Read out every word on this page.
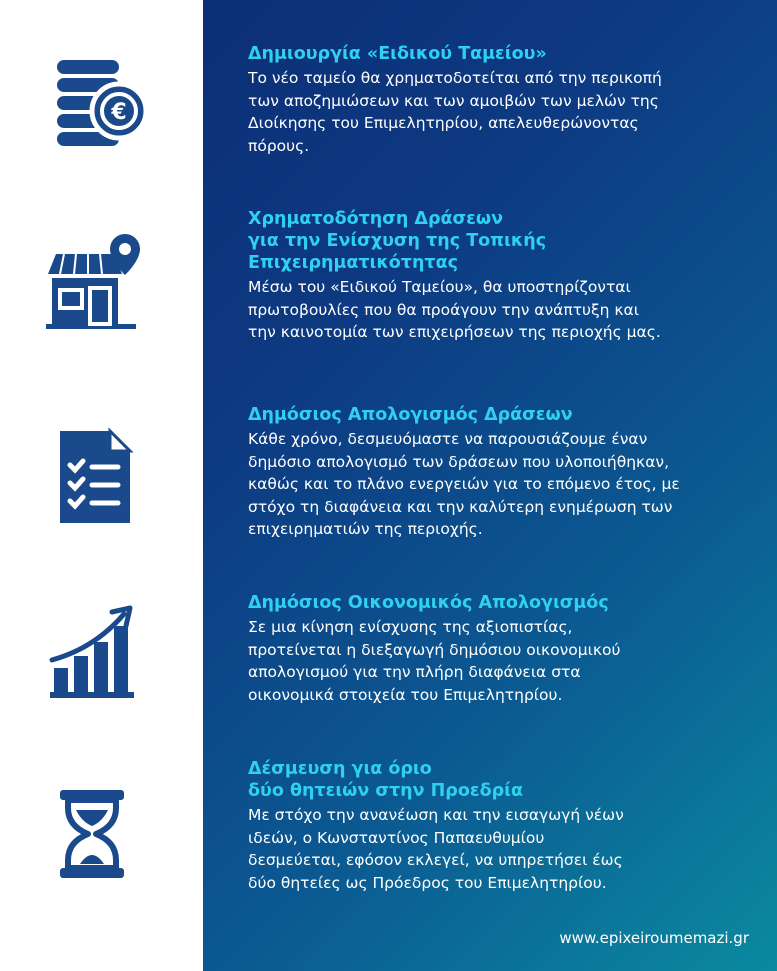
€
Δημιουργία «Ειδικού Ταμείου»
Το νέο ταμείο θα χρηματοδοτείται από την περικοπή
των αποζημιώσεων και των αμοιβών των μελών της
Διοίκησης του Επιμελητηρίου, απελευθερώνοντας
πόρους.
Χρηματοδότηση Δράσεων
για την Ενίσχυση της Τοπικής
Επιχειρηματικότητας
Μέσω του «Ειδικού Ταμείου», θα υποστηρίζονται
πρωτοβουλίες που θα προάγουν την ανάπτυξη και
την καινοτομία των επιχειρήσεων της περιοχής μας.
Δημόσιος Απολογισμός Δράσεων
Κάθε χρόνο, δεσμευόμαστε να παρουσιάζουμε έναν
δημόσιο απολογισμό των δράσεων που υλοποιήθηκαν,
καθώς και το πλάνο ενεργειών για το επόμενο έτος, με
στόχο τη διαφάνεια και την καλύτερη ενημέρωση των
επιχειρηματιών της περιοχής.
Δημόσιος Οικονομικός Απολογισμός
Σε μια κίνηση ενίσχυσης της αξιοπιστίας,
προτείνεται η διεξαγωγή δημόσιου οικονομικού
απολογισμού για την πλήρη διαφάνεια στα
οικονομικά στοιχεία του Επιμελητηρίου.
Δέσμευση για όριο
δύο θητειών στην Προεδρία
Με στόχο την ανανέωση και την εισαγωγή νέων
ιδεών, ο Κωνσταντίνος Παπαευθυμίου
δεσμεύεται, εφόσον εκλεγεί, να υπηρετήσει έως
δύο θητείες ως Πρόεδρος του Επιμελητηρίου.
www.epixeiroumemazi.gr
